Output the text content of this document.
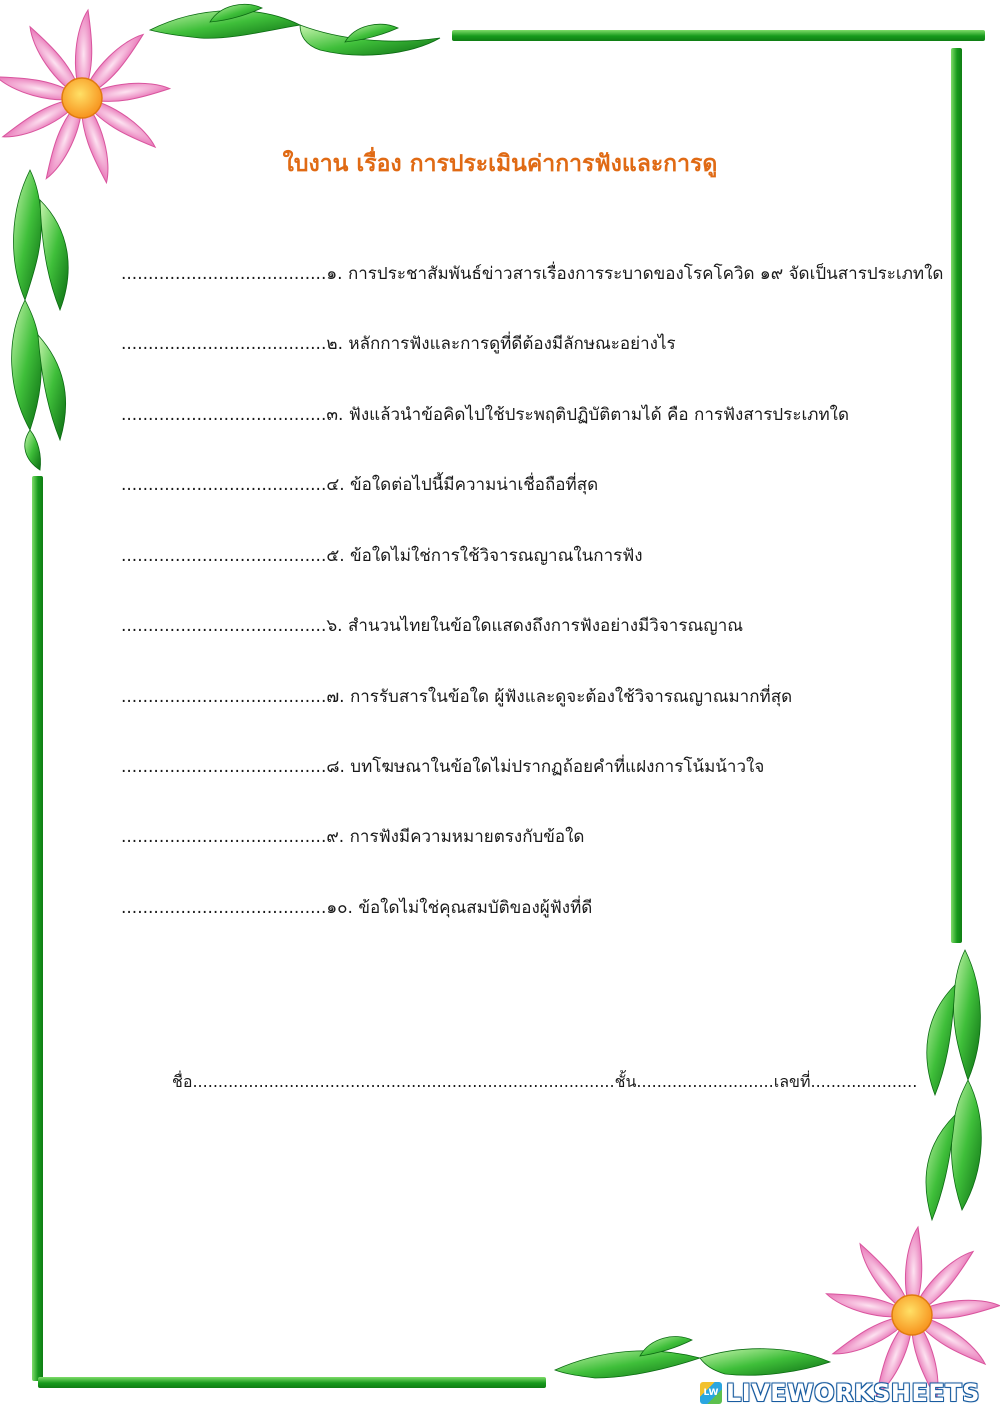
ใบงาน เรื่อง การประเมินค่าการฟังและการดู
......................................๑. การประชาสัมพันธ์ข่าวสารเรื่องการระบาดของโรคโควิด ๑๙ จัดเป็นสารประเภทใด
......................................๒. หลักการฟังและการดูที่ดีต้องมีลักษณะอย่างไร
......................................๓. ฟังแล้วนำข้อคิดไปใช้ประพฤติปฏิบัติตามได้ คือ การฟังสารประเภทใด
......................................๔. ข้อใดต่อไปนี้มีความน่าเชื่อถือที่สุด
......................................๕. ข้อใดไม่ใช่การใช้วิจารณญาณในการฟัง
......................................๖. สำนวนไทยในข้อใดแสดงถึงการฟังอย่างมีวิจารณญาณ
......................................๗. การรับสารในข้อใด ผู้ฟังและดูจะต้องใช้วิจารณญาณมากที่สุด
......................................๘. บทโฆษณาในข้อใดไม่ปรากฏถ้อยคำที่แฝงการโน้มน้าวใจ
......................................๙. การฟังมีความหมายตรงกับข้อใด
......................................๑๐. ข้อใดไม่ใช่คุณสมบัติของผู้ฟังที่ดี
ชื่อ...................................................................................ชั้น...........................เลขที่.....................
LW LIVEWORKSHEETS
